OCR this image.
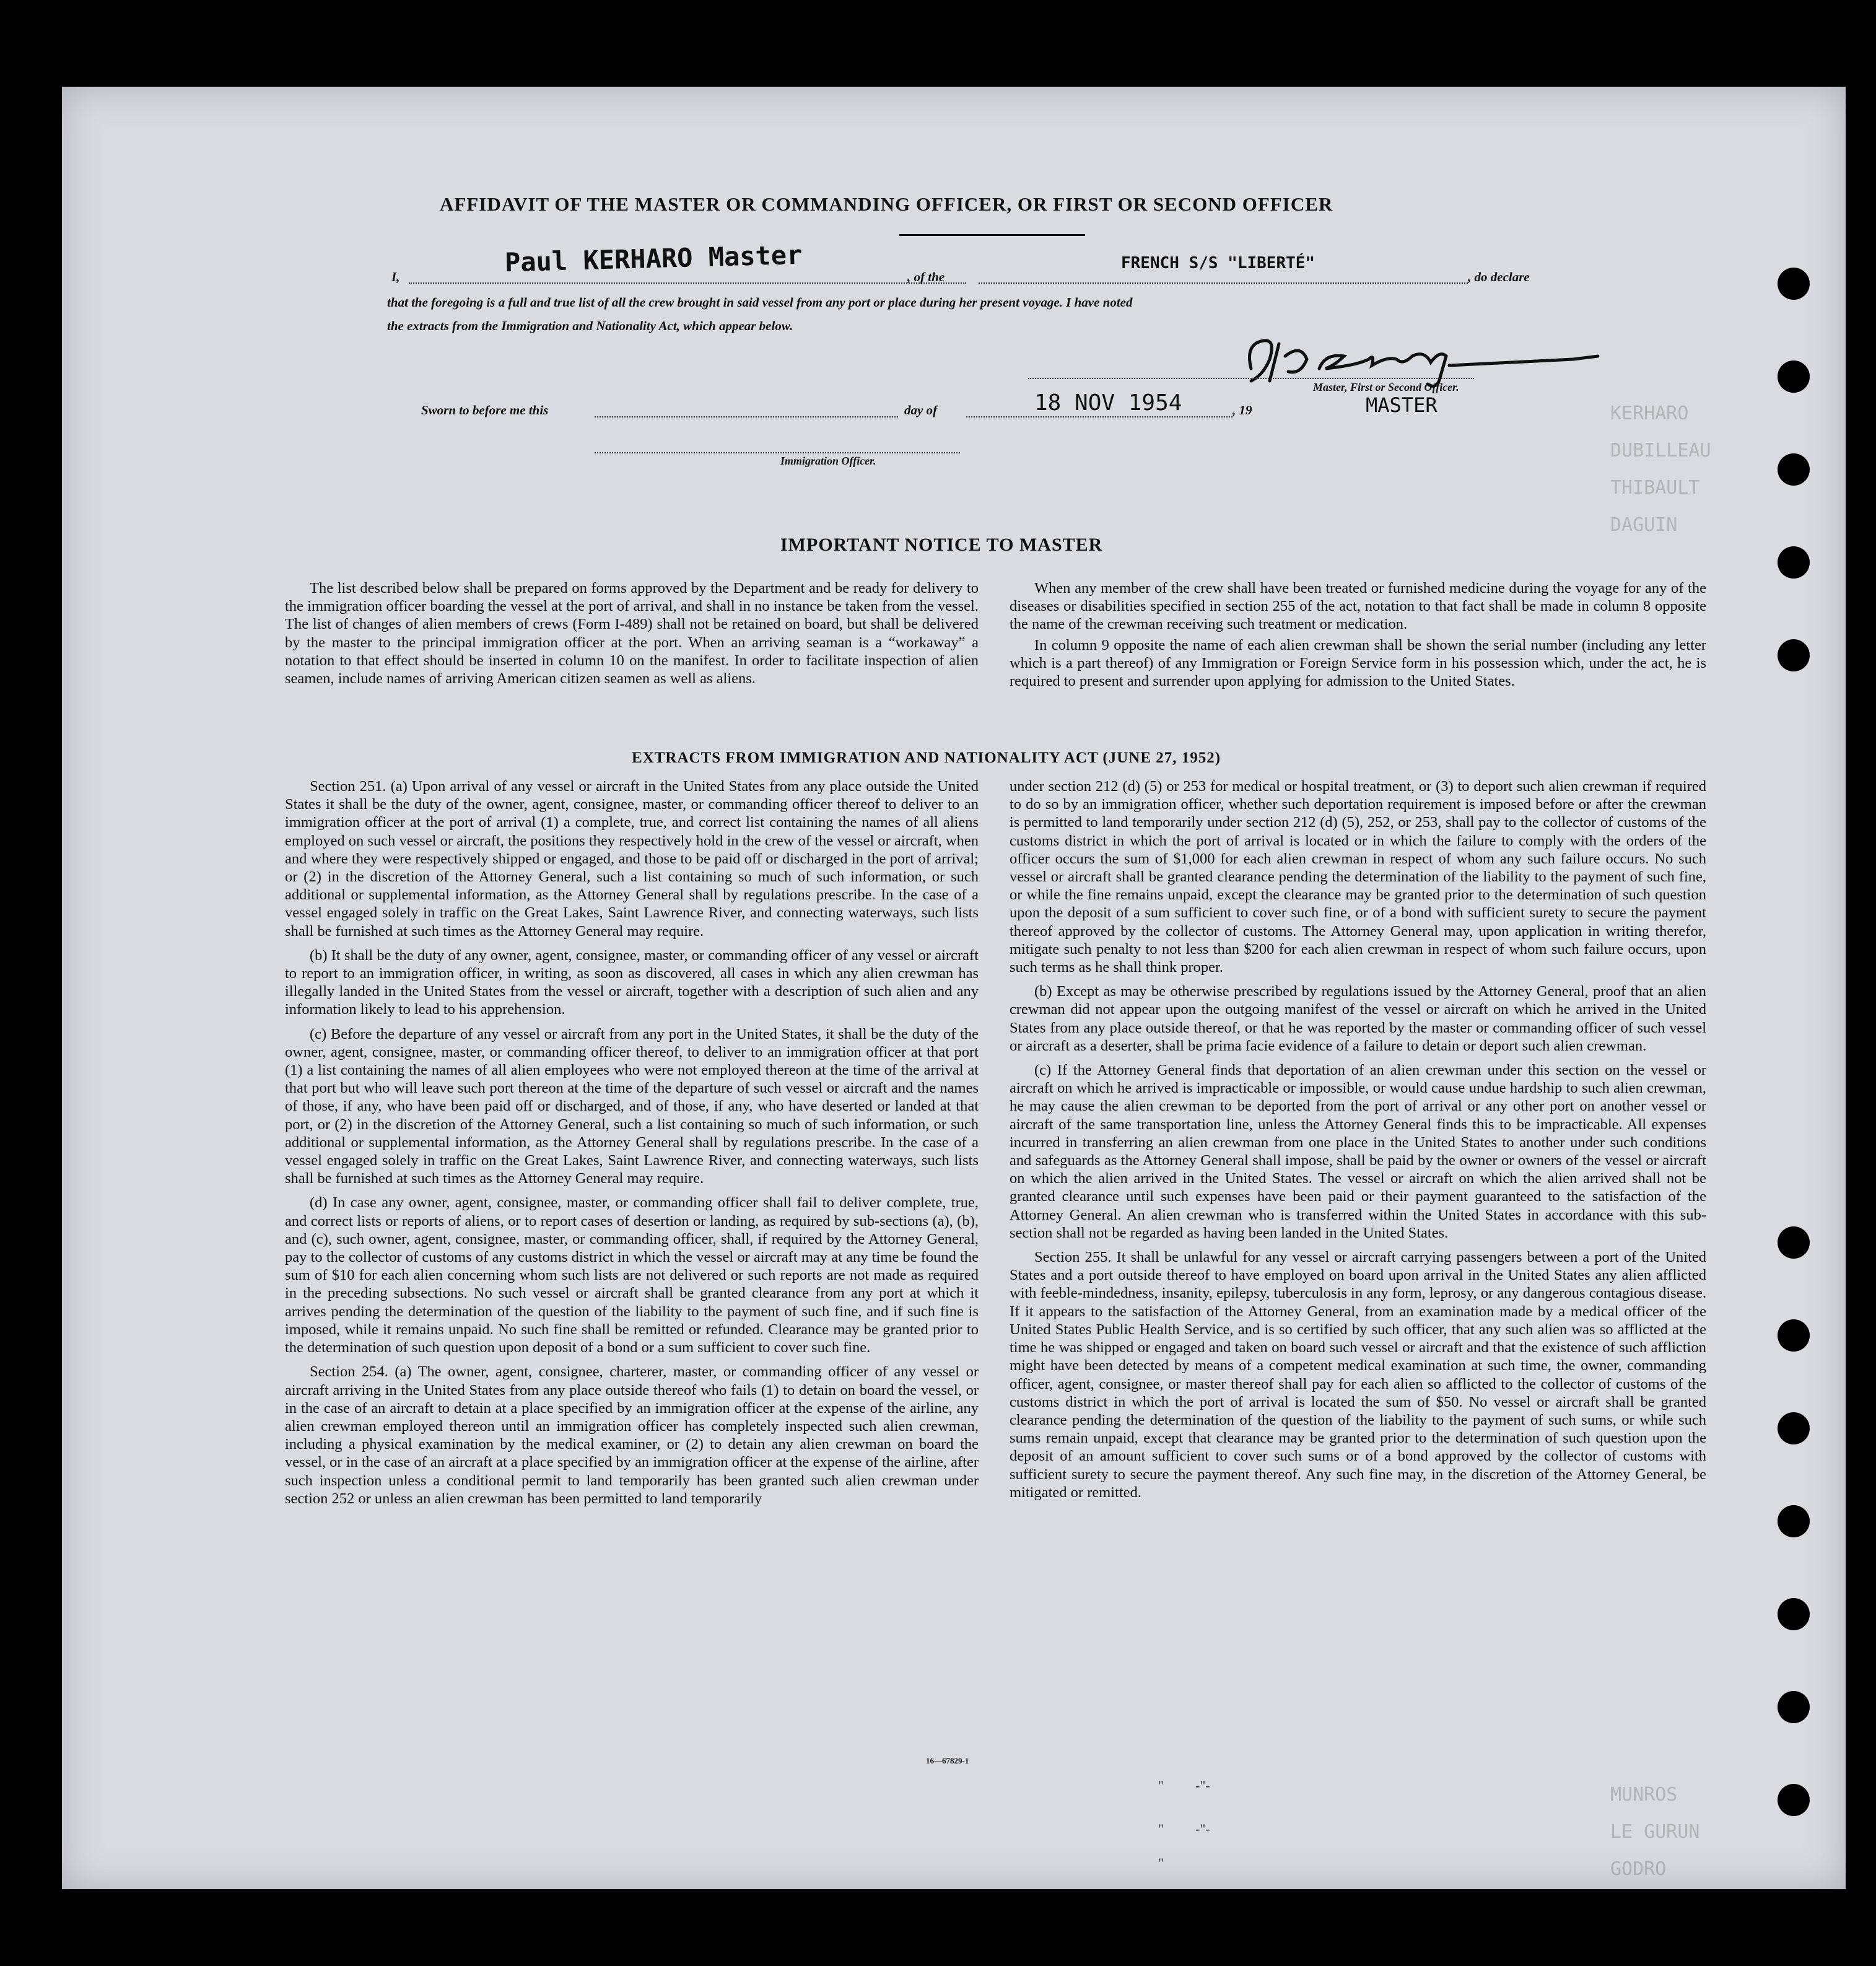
KERHARO
DUBILLEAU
THIBAULT
DAGUIN
MUNROS
LE GURUN
GODRO
AFFIDAVIT OF THE MASTER OR COMMANDING OFFICER, OR FIRST OR SECOND OFFICER
I,	Paul KERHARO Master	, of the
FRENCH S/S "LIBERTÉ"
, do declare
that the foregoing is a full and true list of all the crew brought in said vessel from any port or place during her present voyage. I have noted
the extracts from the Immigration and Nationality Act, which appear below.
Master, First or Second Officer.
Sworn to before me this	day of	18 NOV 1954	, 19	MASTER
Immigration Officer.
IMPORTANT NOTICE TO MASTER

The list described below shall be prepared on forms approved by the Department and be ready for delivery to the immigration officer boarding the vessel at the port of arrival, and shall in no instance be taken from the vessel. The list of changes of alien members of crews (Form I-489) shall not be retained on board, but shall be delivered by the master to the principal immigration officer at the port. When an arriving seaman is a “workaway” a notation to that effect should be inserted in column 10 on the manifest. In order to facilitate inspection of alien seamen, include names of arriving American citizen seamen as well as aliens.

When any member of the crew shall have been treated or furnished medicine during the voyage for any of the diseases or disabilities specified in section 255 of the act, notation to that fact shall be made in column 8 opposite the name of the crewman receiving such treatment or medication.

In column 9 opposite the name of each alien crewman shall be shown the serial number (including any letter which is a part thereof) of any Immigration or Foreign Service form in his possession which, under the act, he is required to present and surrender upon applying for admission to the United States.

EXTRACTS FROM IMMIGRATION AND NATIONALITY ACT (JUNE 27, 1952)

Section 251. (a) Upon arrival of any vessel or aircraft in the United States from any place outside the United States it shall be the duty of the owner, agent, consignee, master, or commanding officer thereof to deliver to an immigration officer at the port of arrival (1) a complete, true, and correct list containing the names of all aliens employed on such vessel or aircraft, the positions they respectively hold in the crew of the vessel or aircraft, when and where they were respectively shipped or engaged, and those to be paid off or discharged in the port of arrival; or (2) in the discretion of the Attorney General, such a list containing so much of such information, or such additional or supplemental information, as the Attorney General shall by regulations prescribe. In the case of a vessel engaged solely in traffic on the Great Lakes, Saint Lawrence River, and connecting waterways, such lists shall be furnished at such times as the Attorney General may require.

(b) It shall be the duty of any owner, agent, consignee, master, or commanding officer of any vessel or aircraft to report to an immigration officer, in writing, as soon as discovered, all cases in which any alien crewman has illegally landed in the United States from the vessel or aircraft, together with a description of such alien and any information likely to lead to his apprehension.

(c) Before the departure of any vessel or aircraft from any port in the United States, it shall be the duty of the owner, agent, consignee, master, or commanding officer thereof, to deliver to an immigration officer at that port (1) a list containing the names of all alien employees who were not employed thereon at the time of the arrival at that port but who will leave such port thereon at the time of the departure of such vessel or aircraft and the names of those, if any, who have been paid off or discharged, and of those, if any, who have deserted or landed at that port, or (2) in the discretion of the Attorney General, such a list containing so much of such information, or such additional or supplemental information, as the Attorney General shall by regulations prescribe. In the case of a vessel engaged solely in traffic on the Great Lakes, Saint Lawrence River, and connecting waterways, such lists shall be furnished at such times as the Attorney General may require.

(d) In case any owner, agent, consignee, master, or commanding officer shall fail to deliver complete, true, and correct lists or reports of aliens, or to report cases of desertion or landing, as required by sub-sections (a), (b), and (c), such owner, agent, consignee, master, or commanding officer, shall, if required by the Attorney General, pay to the collector of customs of any customs district in which the vessel or aircraft may at any time be found the sum of $10 for each alien concerning whom such lists are not delivered or such reports are not made as required in the preceding subsections. No such vessel or aircraft shall be granted clearance from any port at which it arrives pending the determination of the question of the liability to the payment of such fine, and if such fine is imposed, while it remains unpaid. No such fine shall be remitted or refunded. Clearance may be granted prior to the determination of such question upon deposit of a bond or a sum sufficient to cover such fine.

Section 254. (a) The owner, agent, consignee, charterer, master, or commanding officer of any vessel or aircraft arriving in the United States from any place outside thereof who fails (1) to detain on board the vessel, or in the case of an aircraft to detain at a place specified by an immigration officer at the expense of the airline, any alien crewman employed thereon until an immigration officer has completely inspected such alien crewman, including a physical examination by the medical examiner, or (2) to detain any alien crewman on board the vessel, or in the case of an aircraft at a place specified by an immigration officer at the expense of the airline, after such inspection unless a conditional permit to land temporarily has been granted such alien crewman under section 252 or unless an alien crewman has been permitted to land temporarily

under section 212 (d) (5) or 253 for medical or hospital treatment, or (3) to deport such alien crewman if required to do so by an immigration officer, whether such deportation requirement is imposed before or after the crewman is permitted to land temporarily under section 212 (d) (5), 252, or 253, shall pay to the collector of customs of the customs district in which the port of arrival is located or in which the failure to comply with the orders of the officer occurs the sum of $1,000 for each alien crewman in respect of whom any such failure occurs. No such vessel or aircraft shall be granted clearance pending the determination of the liability to the payment of such fine, or while the fine remains unpaid, except the clearance may be granted prior to the determination of such question upon the deposit of a sum sufficient to cover such fine, or of a bond with sufficient surety to secure the payment thereof approved by the collector of customs. The Attorney General may, upon application in writing therefor, mitigate such penalty to not less than $200 for each alien crewman in respect of whom such failure occurs, upon such terms as he shall think proper.

(b) Except as may be otherwise prescribed by regulations issued by the Attorney General, proof that an alien crewman did not appear upon the outgoing manifest of the vessel or aircraft on which he arrived in the United States from any place outside thereof, or that he was reported by the master or commanding officer of such vessel or aircraft as a deserter, shall be prima facie evidence of a failure to detain or deport such alien crewman.

(c) If the Attorney General finds that deportation of an alien crewman under this section on the vessel or aircraft on which he arrived is impracticable or impossible, or would cause undue hardship to such alien crewman, he may cause the alien crewman to be deported from the port of arrival or any other port on another vessel or aircraft of the same transportation line, unless the Attorney General finds this to be impracticable. All expenses incurred in transferring an alien crewman from one place in the United States to another under such conditions and safeguards as the Attorney General shall impose, shall be paid by the owner or owners of the vessel or aircraft on which the alien arrived in the United States. The vessel or aircraft on which the alien arrived shall not be granted clearance until such expenses have been paid or their payment guaranteed to the satisfaction of the Attorney General. An alien crewman who is transferred within the United States in accordance with this sub-section shall not be regarded as having been landed in the United States.

Section 255. It shall be unlawful for any vessel or aircraft carrying passengers between a port of the United States and a port outside thereof to have employed on board upon arrival in the United States any alien afflicted with feeble-mindedness, insanity, epilepsy, tuberculosis in any form, leprosy, or any dangerous contagious disease. If it appears to the satisfaction of the Attorney General, from an examination made by a medical officer of the United States Public Health Service, and is so certified by such officer, that any such alien was so afflicted at the time he was shipped or engaged and taken on board such vessel or aircraft and that the existence of such affliction might have been detected by means of a competent medical examination at such time, the owner, commanding officer, agent, consignee, or master thereof shall pay for each alien so afflicted to the collector of customs of the customs district in which the port of arrival is located the sum of $50. No vessel or aircraft shall be granted clearance pending the determination of the question of the liability to the payment of such sums, or while such sums remain unpaid, except that clearance may be granted prior to the determination of such question upon the deposit of an amount sufficient to cover such sums or of a bond approved by the collector of customs with sufficient surety to secure the payment thereof. Any such fine may, in the discretion of the Attorney General, be mitigated or remitted.

16—67829-1
" -"-
" -"-
"
